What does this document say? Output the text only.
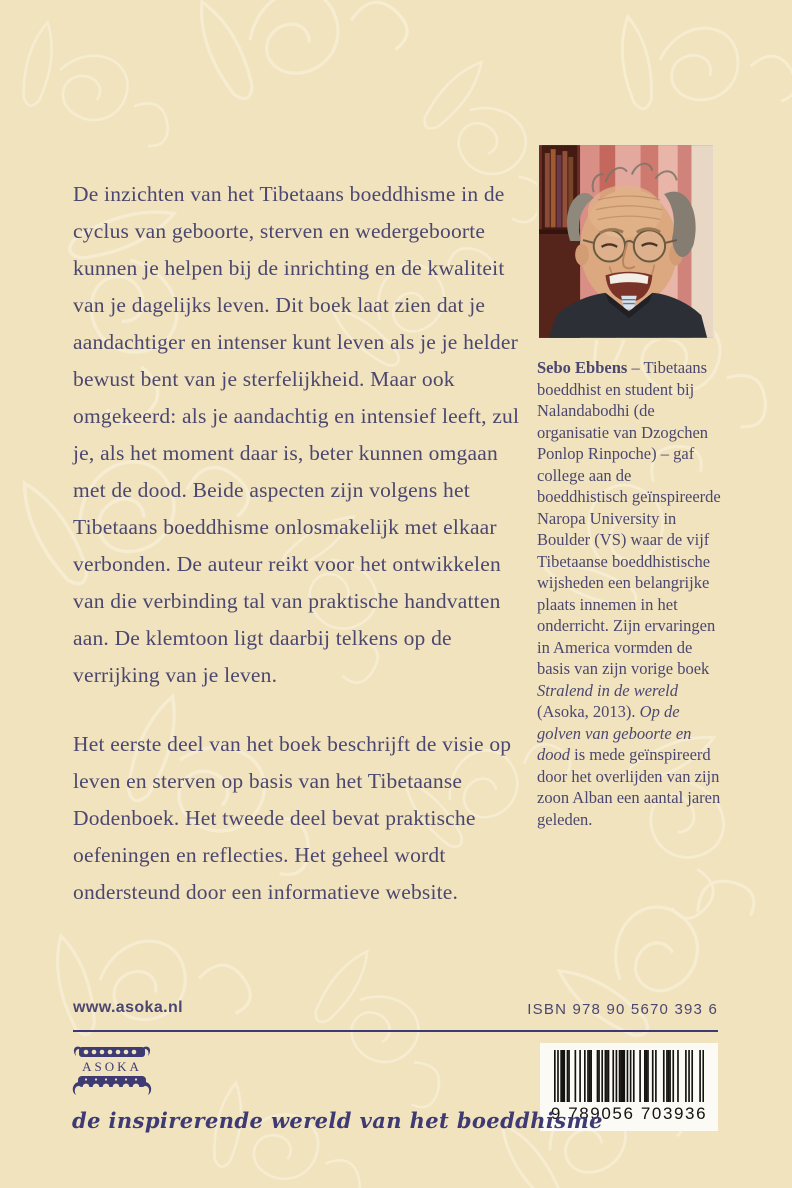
De inzichten van het Tibetaans boeddhisme in de cyclus van geboorte, sterven en wedergeboorte kunnen je helpen bij de inrichting en de kwaliteit van je dagelijks leven. Dit boek laat zien dat je aandachtiger en intenser kunt leven als je je helder bewust bent van je sterfelijkheid. Maar ook omgekeerd: als je aandachtig en intensief leeft, zul je, als het moment daar is, beter kunnen omgaan met de dood. Beide aspecten zijn volgens het Tibetaans boeddhisme onlosmakelijk met elkaar verbonden. De auteur reikt voor het ontwikkelen van die verbinding tal van praktische handvatten aan. De klemtoon ligt daarbij telkens op de verrijking van je leven.

Het eerste deel van het boek beschrijft de visie op leven en sterven op basis van het Tibetaanse Dodenboek. Het tweede deel bevat praktische oefeningen en reflecties. Het geheel wordt ondersteund door een informatieve website.

Sebo Ebbens – Tibetaans boeddhist en student bij Nalandabodhi (de organisatie van Dzogchen Ponlop Rinpoche) – gaf college aan de boeddhistisch geïnspireerde Naropa University in Boulder (VS) waar de vijf Tibetaanse boeddhistische wijsheden een belangrijke plaats innemen in het onderricht. Zijn ervaringen in America vormden de basis van zijn vorige boek Stralend in de wereld (Asoka, 2013). Op de golven van geboorte en dood is mede geïnspireerd door het overlijden van zijn zoon Alban een aantal jaren geleden.

www.asoka.nl	ISBN 978 90 5670 393 6
ASOKA
9 789056 703936
de inspirerende wereld van het boeddhisme
